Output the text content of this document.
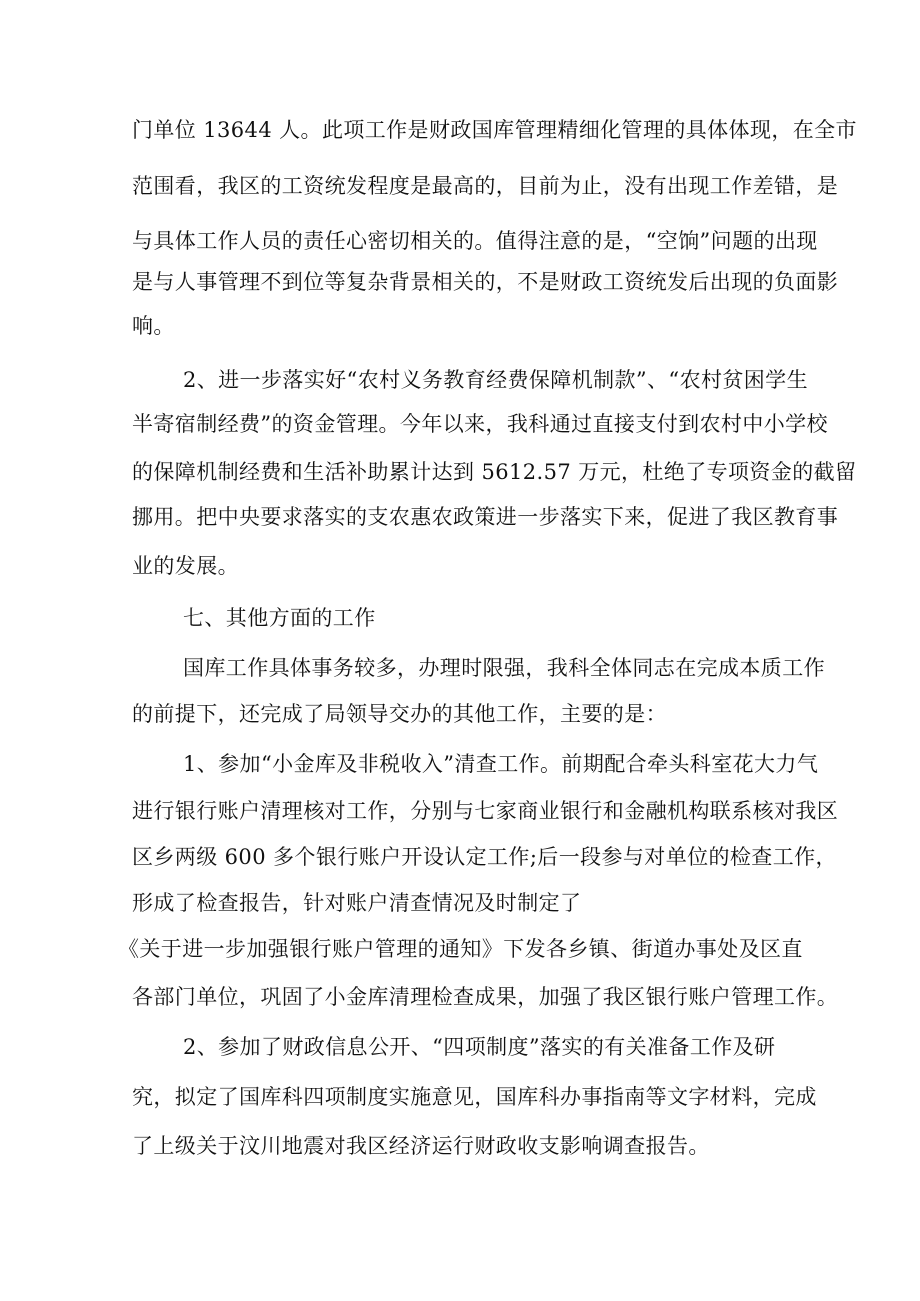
门单位 13644 人。此项工作是财政国库管理精细化管理的具体体现，在全市
范围看，我区的工资统发程度是最高的，目前为止，没有出现工作差错，是
与具体工作人员的责任心密切相关的。值得注意的是，“空饷”问题的出现
是与人事管理不到位等复杂背景相关的，不是财政工资统发后出现的负面影
响。
2、进一步落实好“农村义务教育经费保障机制款”、“农村贫困学生
半寄宿制经费”的资金管理。今年以来，我科通过直接支付到农村中小学校
的保障机制经费和生活补助累计达到 5612.57 万元，杜绝了专项资金的截留
挪用。把中央要求落实的支农惠农政策进一步落实下来，促进了我区教育事
业的发展。
七、其他方面的工作
国库工作具体事务较多，办理时限强，我科全体同志在完成本质工作
的前提下，还完成了局领导交办的其他工作，主要的是：
1、参加“小金库及非税收入”清查工作。前期配合牵头科室花大力气
进行银行账户清理核对工作，分别与七家商业银行和金融机构联系核对我区
区乡两级 600 多个银行账户开设认定工作;后一段参与对单位的检查工作，
形成了检查报告，针对账户清查情况及时制定了
《关于进一步加强银行账户管理的通知》下发各乡镇、街道办事处及区直
各部门单位，巩固了小金库清理检查成果，加强了我区银行账户管理工作。
2、参加了财政信息公开、“四项制度”落实的有关准备工作及研
究，拟定了国库科四项制度实施意见，国库科办事指南等文字材料，完成
了上级关于汶川地震对我区经济运行财政收支影响调查报告。
